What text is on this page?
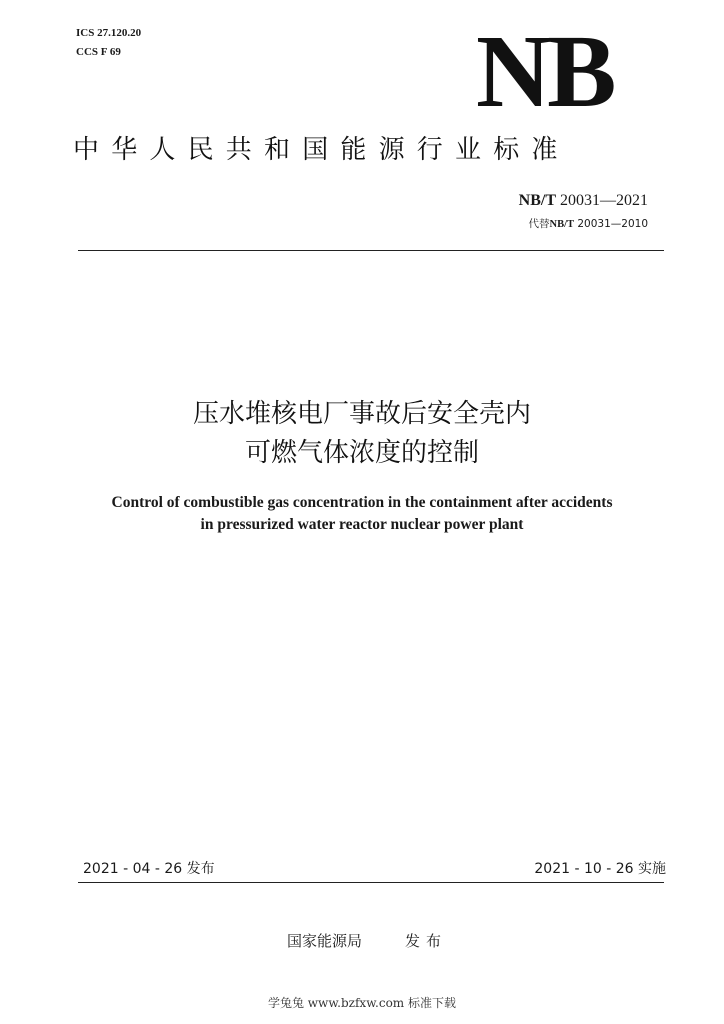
ICS 27.120.20
CCS F 69	NB
中华人民共和国能源行业标准
NB/T 20031—2021
代替NB/T 20031—2010
压水堆核电厂事故后安全壳内
可燃气体浓度的控制
Control of combustible gas concentration in the containment after accidents
in pressurized water reactor nuclear power plant
2021 - 04 - 26 发布	2021 - 10 - 26 实施
国家能源局	发布
学兔兔 www.bzfxw.com 标准下载
